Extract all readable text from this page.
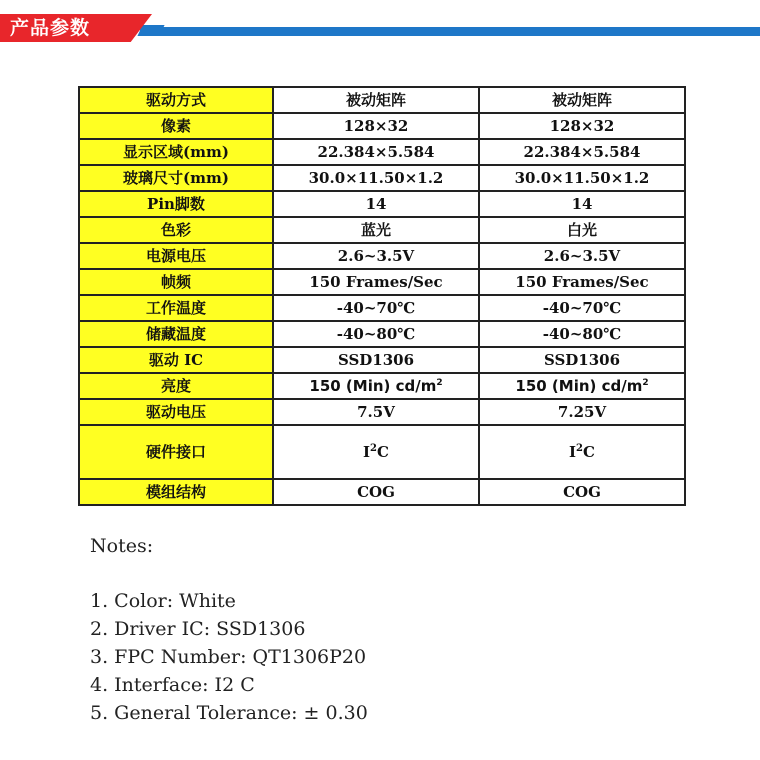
产品参数
驱动方式	被动矩阵	被动矩阵
像素	128×32	128×32
显示区域(mm)	22.384×5.584	22.384×5.584
玻璃尺寸(mm)	30.0×11.50×1.2	30.0×11.50×1.2
Pin脚数	14	14
色彩	蓝光	白光
电源电压	2.6~3.5V	2.6~3.5V
帧频	150 Frames/Sec	150 Frames/Sec
工作温度	-40~70℃	-40~70℃
储藏温度	-40~80℃	-40~80℃
驱动 IC	SSD1306	SSD1306
亮度	150 (Min) $cd/m^2$	150 (Min) $cd/m^2$
驱动电压	7.5V	7.25V
硬件接口	$I^2C$	$I^2C$
模组结构	COG	COG
Notes:
1. Color: White
2. Driver IC: SSD1306
3. FPC Number: QT1306P20
4. Interface: I2 C
5. General Tolerance: ± 0.30
